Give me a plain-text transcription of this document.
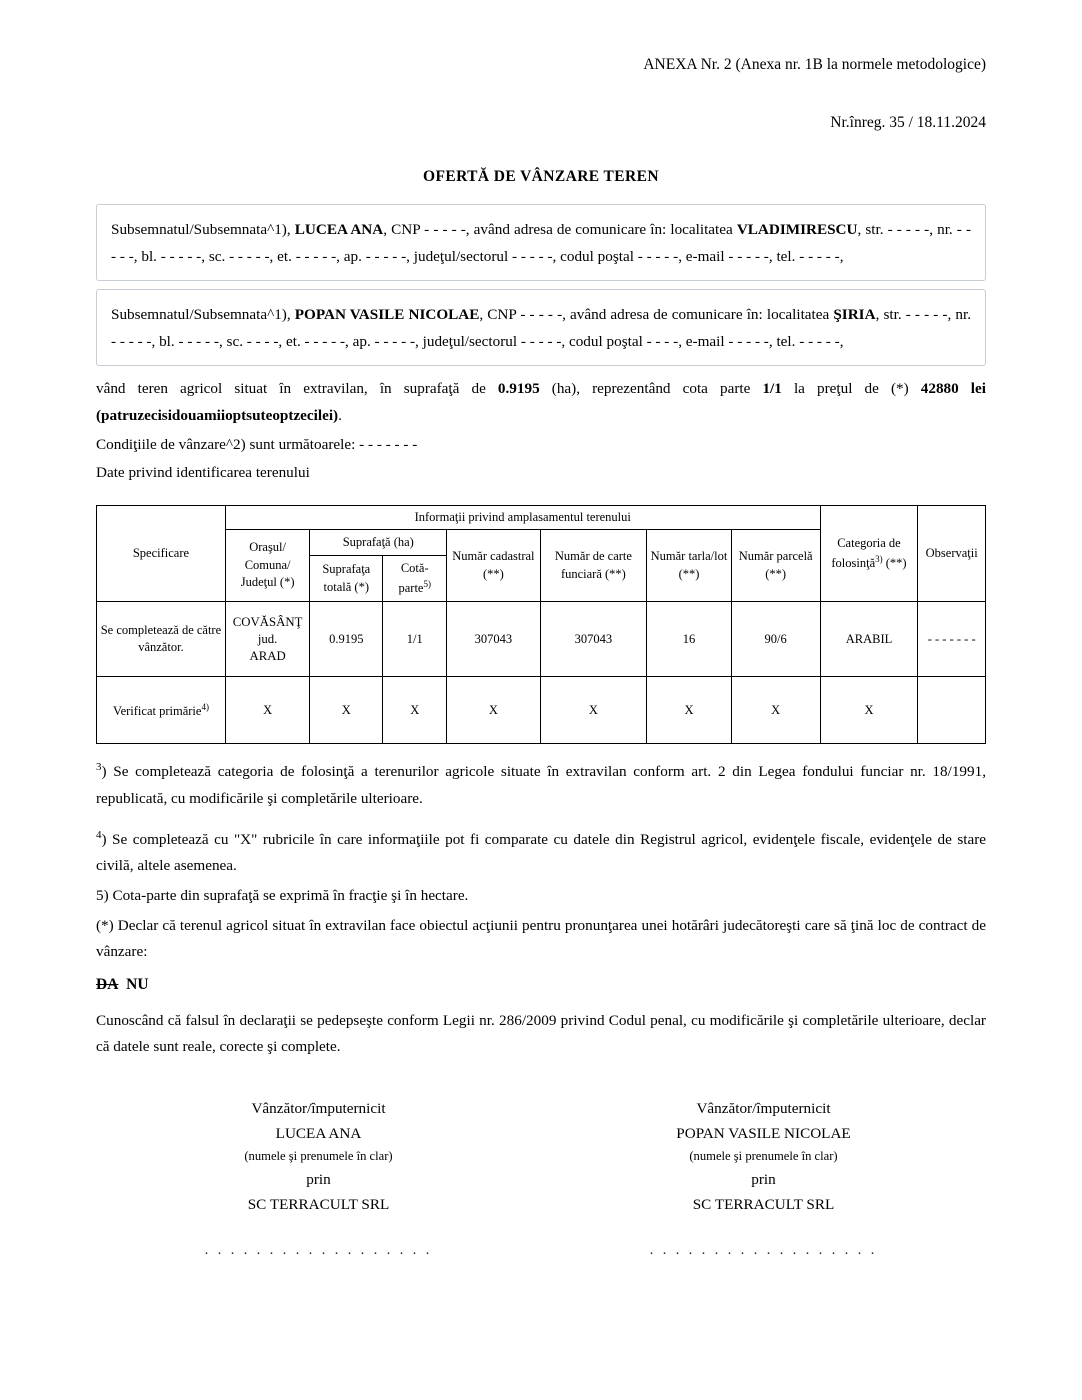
ANEXA Nr. 2 (Anexa nr. 1B la normele metodologice)
Nr.înreg. 35 / 18.11.2024
OFERTĂ DE VÂNZARE TEREN
Subsemnatul/Subsemnata^1), LUCEA ANA, CNP - - - - -, având adresa de comunicare în: localitatea VLADIMIRESCU, str. - - - - -, nr. - - - - -, bl. - - - - -, sc. - - - - -, et. - - - - -, ap. - - - - -, judeţul/sectorul - - - - -, codul poştal - - - - -, e-mail - - - - -, tel. - - - - -,
Subsemnatul/Subsemnata^1), POPAN VASILE NICOLAE, CNP - - - - -, având adresa de comunicare în: localitatea ŞIRIA, str. - - - - -, nr. - - - - -, bl. - - - - -, sc. - - - -, et. - - - - -, ap. - - - - -, judeţul/sectorul - - - - -, codul poştal - - - -, e-mail - - - - -, tel. - - - - -,
vând teren agricol situat în extravilan, în suprafaţă de 0.9195 (ha), reprezentând cota parte 1/1 la preţul de (*) 42880 lei (patruzecisidouamiioptsuteoptzecilei).
Condiţiile de vânzare^2) sunt următoarele: - - - - - - -
Date privind identificarea terenului
Specificare	Informaţii privind amplasamentul terenului							Categoria de folosinţă$^{3)}$ (**)	Observaţii
	Oraşul/ Comuna/ Judeţul (*)	Suprafaţă (ha)		Număr cadastral (**)	Număr de carte funciară (**)	Număr tarla/lot (**)	Număr parcelă (**)		
		Suprafaţa totală (*)	Cotă-parte$^{5)}$
Se completează de către vânzător.	COVĂSÂNŢ
jud.
ARAD	0.9195	1/1	307043	307043	16	90/6	ARABIL	- - - - - - -
Verificat primărie$^{4)}$	X	X	X	X	X	X	X	X	
$^3$) Se completează categoria de folosinţă a terenurilor agricole situate în extravilan conform art. 2 din Legea fondului funciar nr. 18/1991, republicată, cu modificările şi completările ulterioare.
$^4$) Se completează cu "X" rubricile în care informaţiile pot fi comparate cu datele din Registrul agricol, evidenţele fiscale, evidenţele de stare civilă, altele asemenea.
5) Cota-parte din suprafaţă se exprimă în fracţie şi în hectare.
(*) Declar că terenul agricol situat în extravilan face obiectul acţiunii pentru pronunţarea unei hotărâri judecătoreşti care să ţină loc de contract de vânzare:
DA NU
Cunoscând că falsul în declaraţii se pedepseşte conform Legii nr. 286/2009 privind Codul penal, cu modificările şi completările ulterioare, declar că datele sunt reale, corecte şi complete.
Vânzător/împuternicit
LUCEA ANA
(numele şi prenumele în clar)
prin
SC TERRACULT SRL
. . . . . . . . . . . . . . . . . .
Vânzător/împuternicit
POPAN VASILE NICOLAE
(numele şi prenumele în clar)
prin
SC TERRACULT SRL
. . . . . . . . . . . . . . . . . .
